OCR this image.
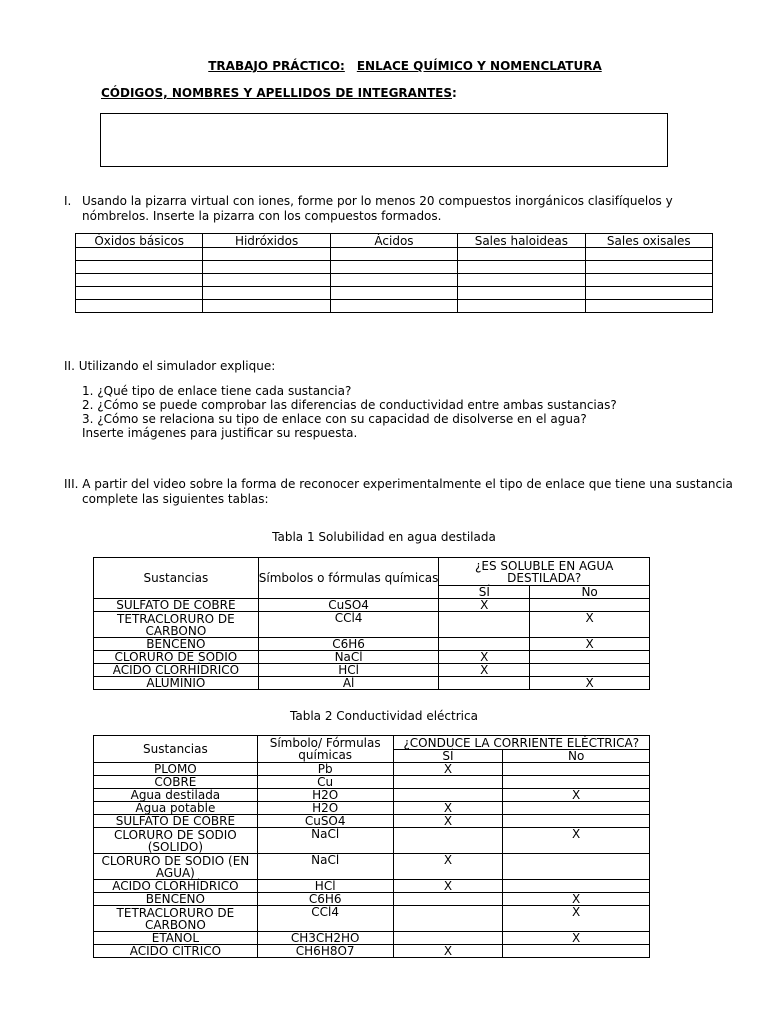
TRABAJO PRÁCTICO: ENLACE QUÍMICO Y NOMENCLATURA
CÓDIGOS, NOMBRES Y APELLIDOS DE INTEGRANTES:
I. Usando la pizarra virtual con iones, forme por lo menos 20 compuestos inorgánicos clasifíquelos y
nómbrelos. Inserte la pizarra con los compuestos formados.
Óxidos básicos	Hidróxidos	Ácidos	Sales haloideas	Sales oxisales

II. Utilizando el simulador explique:
1. ¿Qué tipo de enlace tiene cada sustancia?
2. ¿Cómo se puede comprobar las diferencias de conductividad entre ambas sustancias?
3. ¿Cómo se relaciona su tipo de enlace con su capacidad de disolverse en el agua?
Inserte imágenes para justificar su respuesta.
III. A partir del video sobre la forma de reconocer experimentalmente el tipo de enlace que tiene una sustancia
complete las siguientes tablas:
Tabla 1 Solubilidad en agua destilada
Sustancias	Símbolos o fórmulas químicas	¿ES SOLUBLE EN AGUA DESTILADA?	
		SÍ	No
SULFATO DE COBRE	CuSO4	X	
TETRACLORURO DE CARBONO	CCl4		X
BENCENO	C6H6		X
CLORURO DE SODIO	NaCl	X	
ACIDO CLORHÍDRICO	HCl	X	
ALUMINIO	Al		X
Tabla 2 Conductividad eléctrica
Sustancias	Símbolo/ Fórmulas químicas	¿CONDUCE LA CORRIENTE ELÉCTRICA?	
		SÍ	No
PLOMO	Pb	X	
COBRE	Cu		
Agua destilada	H2O		X
Agua potable	H2O	X	
SULFATO DE COBRE	CuSO4	X	
CLORURO DE SODIO (SOLIDO)	NaCl		X
CLORURO DE SODIO (EN AGUA)	NaCl	X	
ACIDO CLORHÍDRICO	HCl	X	
BENCENO	C6H6		X
TETRACLORURO DE CARBONO	CCl4		X
ETANOL	CH3CH2HO		X
ACIDO CITRICO	CH6H8O7	X	
